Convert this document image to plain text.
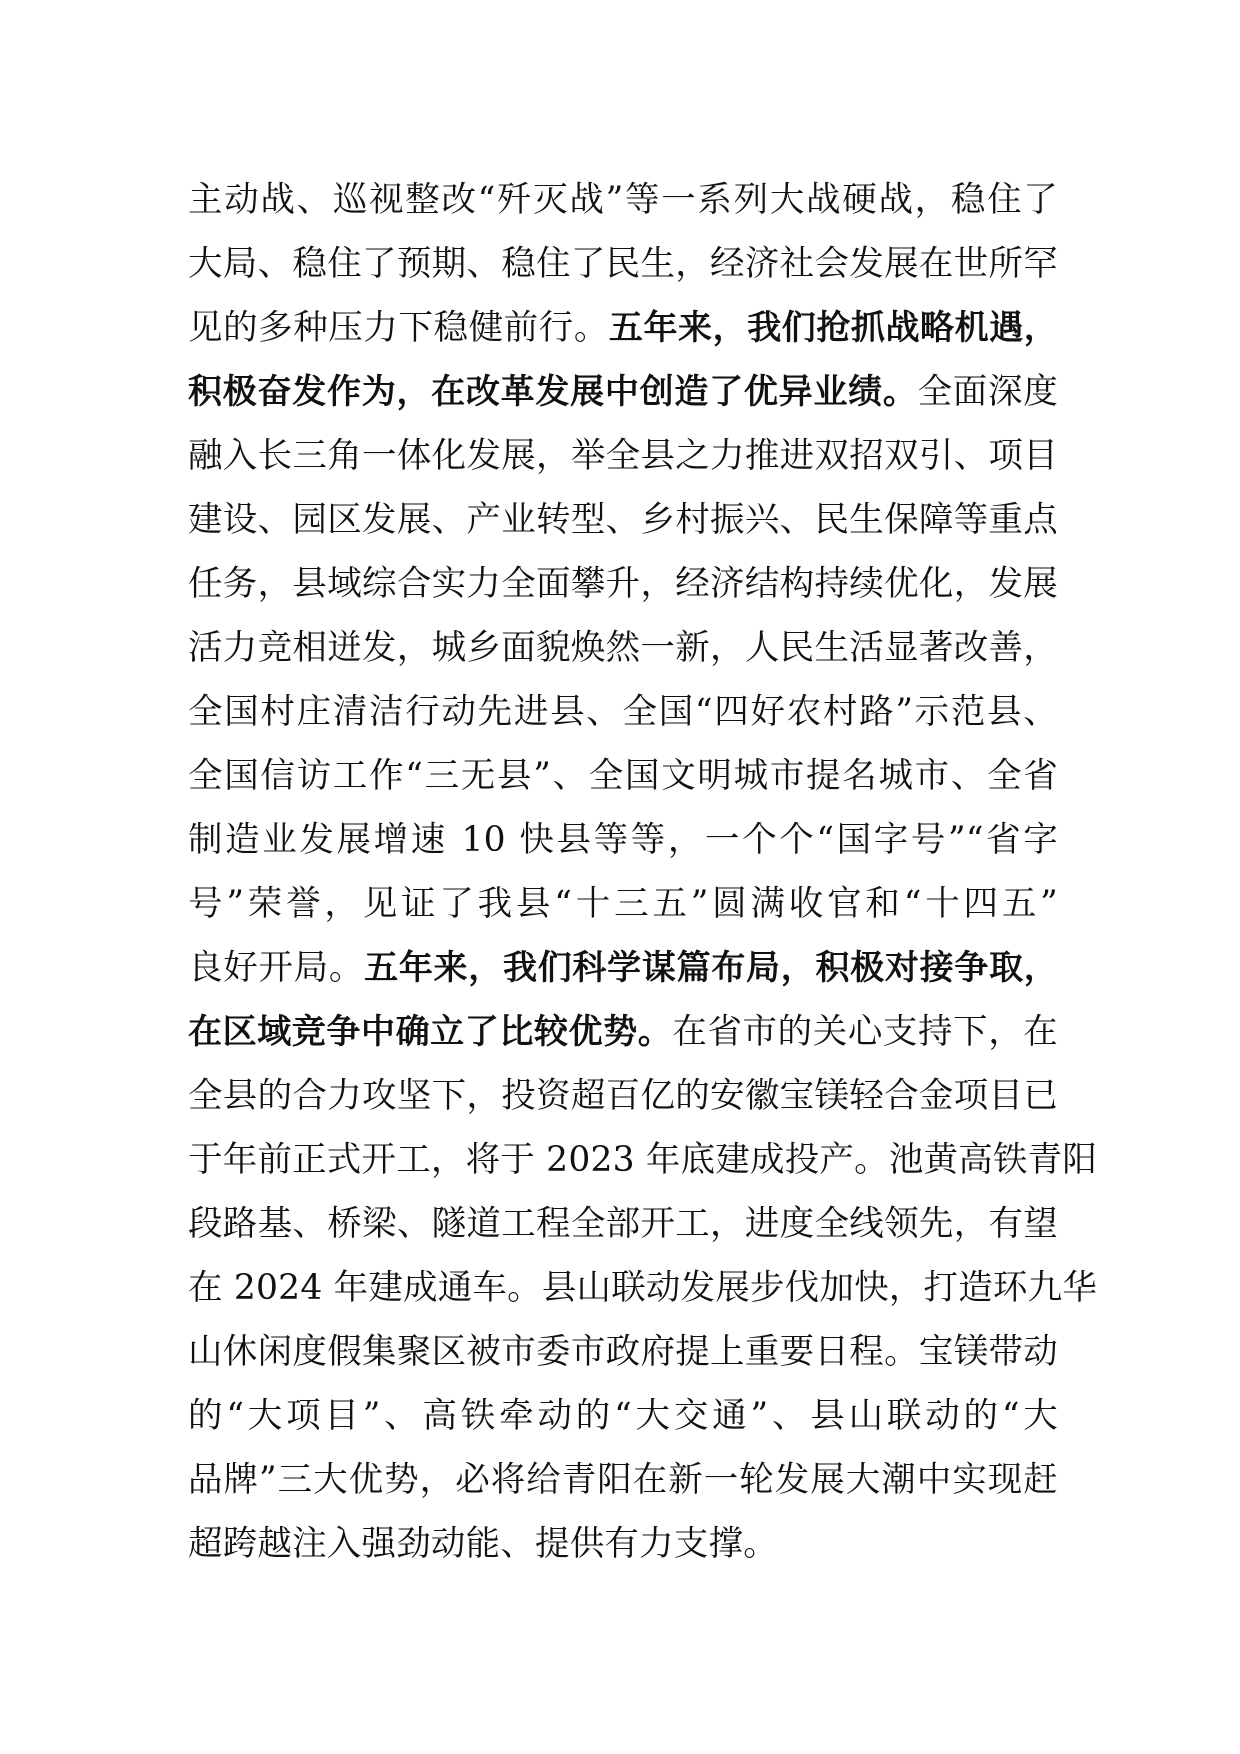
主动战、巡视整改“歼灭战”等一系列大战硬战，稳住了
大局、稳住了预期、稳住了民生，经济社会发展在世所罕
见的多种压力下稳健前行。五年来，我们抢抓战略机遇，
积极奋发作为，在改革发展中创造了优异业绩。全面深度
融入长三角一体化发展，举全县之力推进双招双引、项目
建设、园区发展、产业转型、乡村振兴、民生保障等重点
任务，县域综合实力全面攀升，经济结构持续优化，发展
活力竞相迸发，城乡面貌焕然一新，人民生活显著改善，
全国村庄清洁行动先进县、全国“四好农村路”示范县、
全国信访工作“三无县”、全国文明城市提名城市、全省
制造业发展增速 10 快县等等，一个个“国字号”“省字
号”荣誉，见证了我县“十三五”圆满收官和“十四五”
良好开局。五年来，我们科学谋篇布局，积极对接争取，
在区域竞争中确立了比较优势。在省市的关心支持下，在
全县的合力攻坚下，投资超百亿的安徽宝镁轻合金项目已
于年前正式开工，将于 2023 年底建成投产。池黄高铁青阳
段路基、桥梁、隧道工程全部开工，进度全线领先，有望
在 2024 年建成通车。县山联动发展步伐加快，打造环九华
山休闲度假集聚区被市委市政府提上重要日程。宝镁带动
的“大项目”、高铁牵动的“大交通”、县山联动的“大
品牌”三大优势，必将给青阳在新一轮发展大潮中实现赶
超跨越注入强劲动能、提供有力支撑。
